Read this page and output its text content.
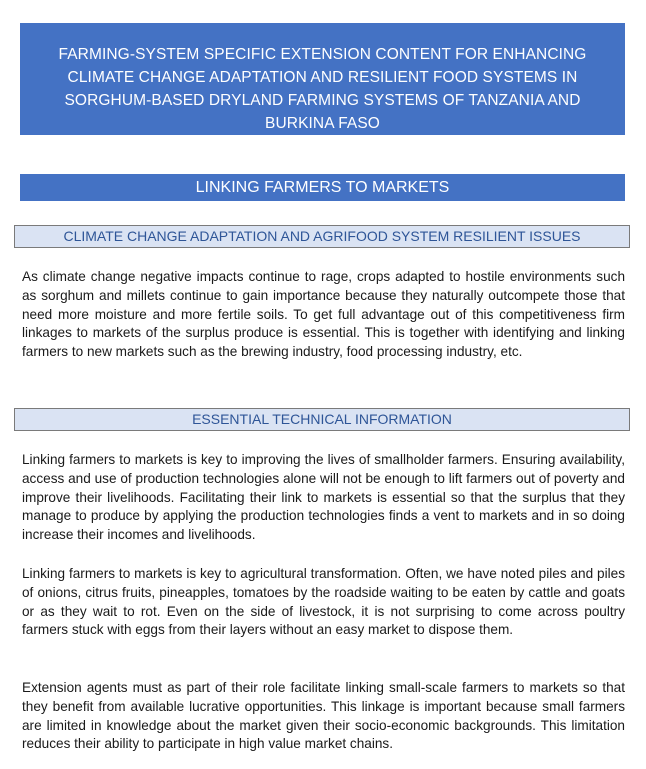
FARMING-SYSTEM SPECIFIC EXTENSION CONTENT FOR ENHANCING CLIMATE CHANGE ADAPTATION AND RESILIENT FOOD SYSTEMS IN SORGHUM-BASED DRYLAND FARMING SYSTEMS OF TANZANIA AND BURKINA FASO
LINKING FARMERS TO MARKETS
CLIMATE CHANGE ADAPTATION AND AGRIFOOD SYSTEM RESILIENT ISSUES

As climate change negative impacts continue to rage, crops adapted to hostile environments such as sorghum and millets continue to gain importance because they naturally outcompete those that need more moisture and more fertile soils. To get full advantage out of this competitiveness firm linkages to markets of the surplus produce is essential. This is together with identifying and linking farmers to new markets such as the brewing industry, food processing industry, etc.

ESSENTIAL TECHNICAL INFORMATION

Linking farmers to markets is key to improving the lives of smallholder farmers. Ensuring availability, access and use of production technologies alone will not be enough to lift farmers out of poverty and improve their livelihoods. Facilitating their link to markets is essential so that the surplus that they manage to produce by applying the production technologies finds a vent to markets and in so doing increase their incomes and livelihoods.

Linking farmers to markets is key to agricultural transformation. Often, we have noted piles and piles of onions, citrus fruits, pineapples, tomatoes by the roadside waiting to be eaten by cattle and goats or as they wait to rot. Even on the side of livestock, it is not surprising to come across poultry farmers stuck with eggs from their layers without an easy market to dispose them.

Extension agents must as part of their role facilitate linking small-scale farmers to markets so that they benefit from available lucrative opportunities. This linkage is important because small farmers are limited in knowledge about the market given their socio-economic backgrounds. This limitation reduces their ability to participate in high value market chains.
